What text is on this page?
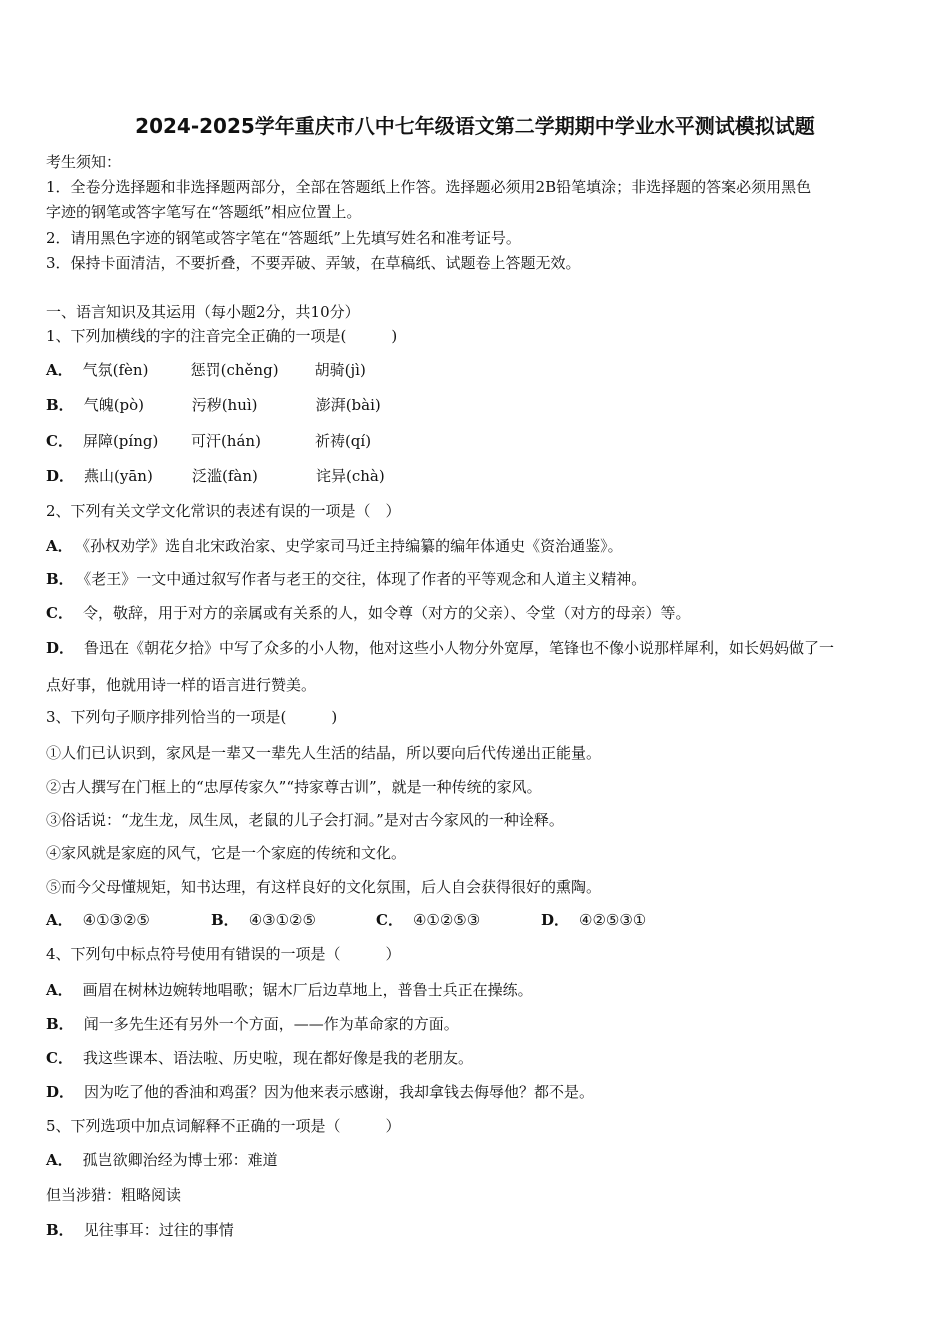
2024-2025学年重庆市八中七年级语文第二学期期中学业水平测试模拟试题
考生须知：
1．全卷分选择题和非选择题两部分，全部在答题纸上作答。选择题必须用2B铅笔填涂；非选择题的答案必须用黑色
字迹的钢笔或答字笔写在“答题纸”相应位置上。
2．请用黑色字迹的钢笔或答字笔在“答题纸”上先填写姓名和准考证号。
3．保持卡面清洁，不要折叠，不要弄破、弄皱，在草稿纸、试题卷上答题无效。
一、语言知识及其运用（每小题2分，共10分）
1、下列加横线的字的注音完全正确的一项是(　　　)
A． 气氛(fèn)	惩罚(chěng) 胡骑(jì)
B． 气魄(pò)	污秽(huì)	澎湃(bài)
C． 屏障(píng) 可汗(hán)	祈祷(qí)
D． 燕山(yān)	泛滥(fàn)	诧异(chà)
2、下列有关文学文化常识的表述有误的一项是（　）
A． 《孙权劝学》选自北宋政治家、史学家司马迁主持编纂的编年体通史《资治通鉴》。
B． 《老王》一文中通过叙写作者与老王的交往，体现了作者的平等观念和人道主义精神。
C． 令，敬辞，用于对方的亲属或有关系的人，如令尊（对方的父亲）、令堂（对方的母亲）等。
D． 鲁迅在《朝花夕拾》中写了众多的小人物，他对这些小人物分外宽厚，笔锋也不像小说那样犀利，如长妈妈做了一
点好事，他就用诗一样的语言进行赞美。
3、下列句子顺序排列恰当的一项是(　　　)
①人们已认识到，家风是一辈又一辈先人生活的结晶，所以要向后代传递出正能量。
②古人撰写在门框上的“忠厚传家久”“持家尊古训”，就是一种传统的家风。
③俗话说：“龙生龙，凤生凤，老鼠的儿子会打洞。”是对古今家风的一种诠释。
④家风就是家庭的风气，它是一个家庭的传统和文化。
⑤而今父母懂规矩，知书达理，有这样良好的文化氛围，后人自会获得很好的熏陶。
A． ④①③②⑤	B． ④③①②⑤	C． ④①②⑤③	D． ④②⑤③①
4、下列句中标点符号使用有错误的一项是（　　　）
A． 画眉在树林边婉转地唱歌；锯木厂后边草地上，普鲁士兵正在操练。
B． 闻一多先生还有另外一个方面，——作为革命家的方面。
C． 我这些课本、语法啦、历史啦，现在都好像是我的老朋友。
D． 因为吃了他的香油和鸡蛋？因为他来表示感谢，我却拿钱去侮辱他？都不是。
5、下列选项中加点词解释不正确的一项是（　　　）
A． 孤岂欲卿治经为博士邪：难道
但当涉猎：粗略阅读
B． 见往事耳：过往的事情
